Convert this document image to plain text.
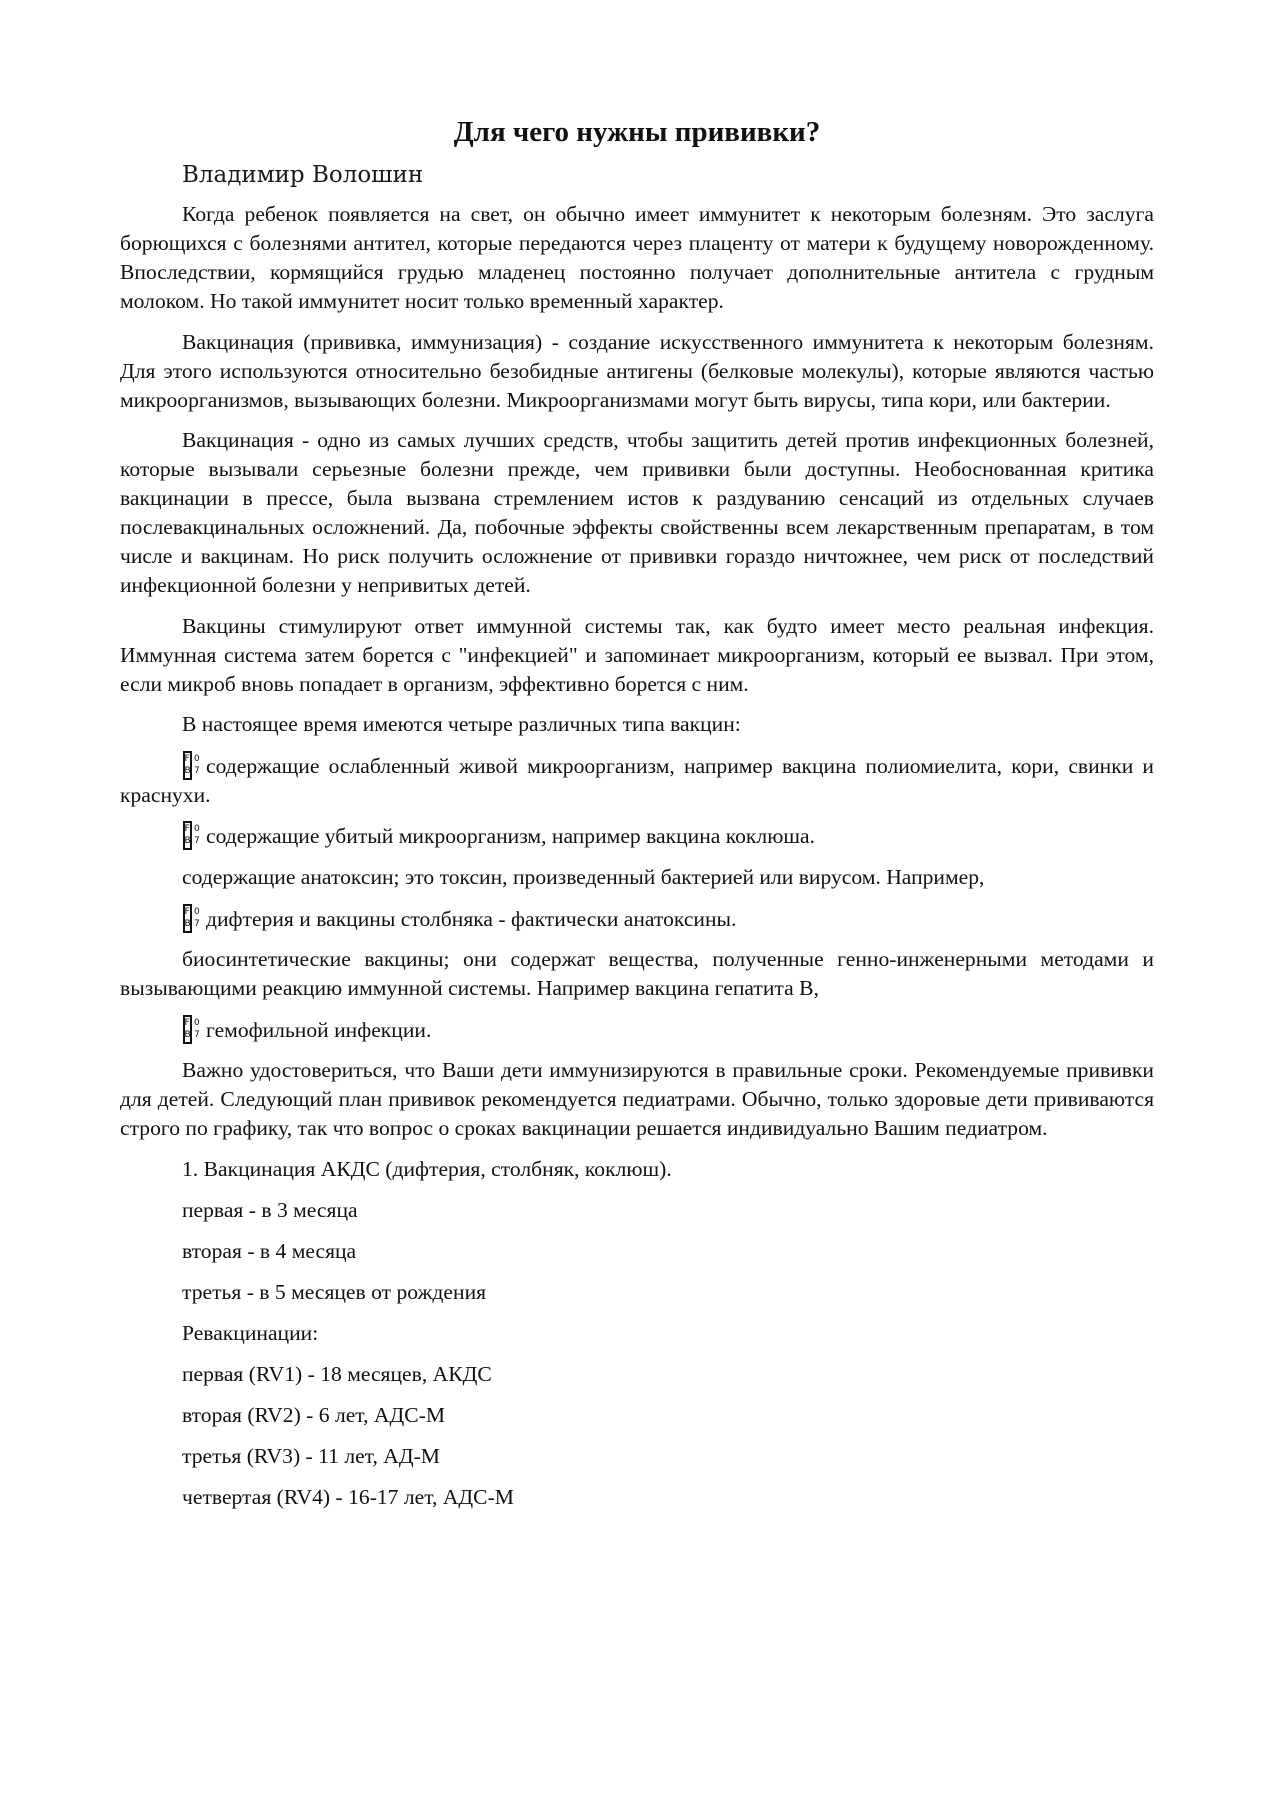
Для чего нужны прививки?
Владимир Волошин

Когда ребенок появляется на свет, он обычно имеет иммунитет к некоторым болезням. Это заслуга борющихся с болезнями антител, которые передаются через плаценту от матери к будущему новорожденному. Впоследствии, кормящийся грудью младенец постоянно получает дополнительные антитела с грудным молоком. Но такой иммунитет носит только временный характер.

Вакцинация (прививка, иммунизация) - создание искусственного иммунитета к некоторым болезням. Для этого используются относительно безобидные антигены (белковые молекулы), которые являются частью микроорганизмов, вызывающих болезни. Микроорганизмами могут быть вирусы, типа кори, или бактерии.

Вакцинация - одно из самых лучших средств, чтобы защитить детей против инфекционных болезней, которые вызывали серьезные болезни прежде, чем прививки были доступны. Необоснованная критика вакцинации в прессе, была вызвана стремлением истов к раздуванию сенсаций из отдельных случаев послевакцинальных осложнений. Да, побочные эффекты свойственны всем лекарственным препаратам, в том числе и вакцинам. Но риск получить осложнение от прививки гораздо ничтожнее, чем риск от последствий инфекционной болезни у непривитых детей.

Вакцины стимулируют ответ иммунной системы так, как будто имеет место реальная инфекция. Иммунная система затем борется с "инфекцией" и запоминает микроорганизм, который ее вызвал. При этом, если микроб вновь попадает в организм, эффективно борется с ним.

В настоящее время имеются четыре различных типа вакцин:

F 0
B 7 содержащие ослабленный живой микроорганизм, например вакцина полиомиелита, кори, свинки и краснухи.

F 0
B 7 содержащие убитый микроорганизм, например вакцина коклюша.

содержащие анатоксин; это токсин, произведенный бактерией или вирусом. Например,

F 0
B 7 дифтерия и вакцины столбняка - фактически анатоксины.

биосинтетические вакцины; они содержат вещества, полученные генно-инженерными методами и вызывающими реакцию иммунной системы. Например вакцина гепатита B,

F 0
B 7 гемофильной инфекции.

Важно удостовериться, что Ваши дети иммунизируются в правильные сроки. Рекомендуемые прививки для детей. Следующий план прививок рекомендуется педиатрами. Обычно, только здоровые дети прививаются строго по графику, так что вопрос о сроках вакцинации решается индивидуально Вашим педиатром.

1. Вакцинация АКДС (дифтерия, столбняк, коклюш).

первая - в 3 месяца

вторая - в 4 месяца

третья - в 5 месяцев от рождения

Ревакцинации:

первая (RV1) - 18 месяцев, АКДС

вторая (RV2) - 6 лет, АДС-М

третья (RV3) - 11 лет, АД-М

четвертая (RV4) - 16-17 лет, АДС-М
